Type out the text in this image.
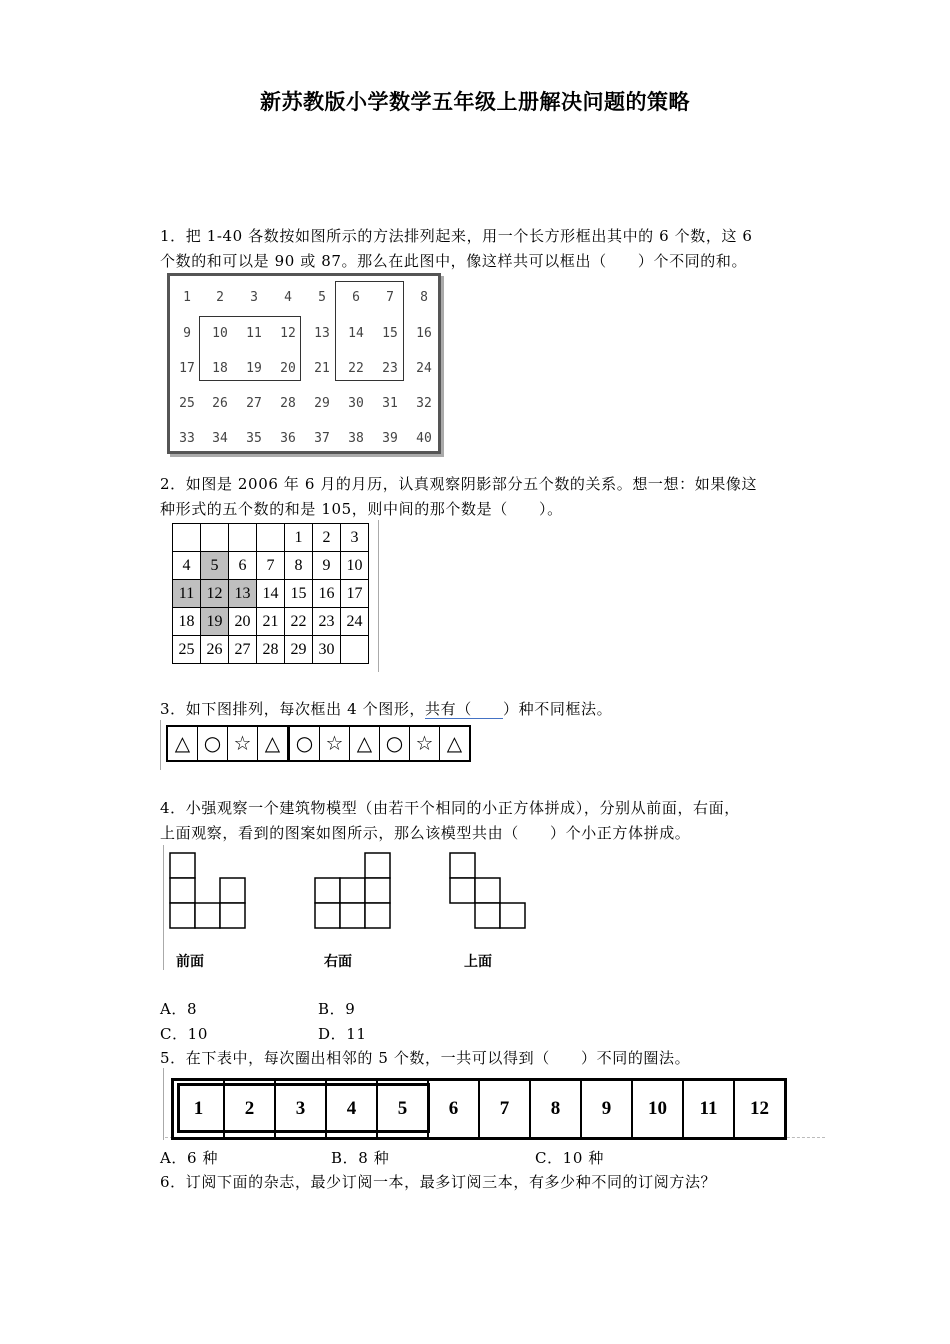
新苏教版小学数学五年级上册解决问题的策略
1．把 1-40 各数按如图所示的方法排列起来，用一个长方形框出其中的 6 个数，这 6
个数的和可以是 90 或 87。那么在此图中，像这样共可以框出（　　）个不同的和。
1	2	3	4	5	6	7	8
9	10	11	12	13	14	15	16
17	18	19	20	21	22	23	24
25	26	27	28	29	30	31	32
33	34	35	36	37	38	39	40
2．如图是 2006 年 6 月的月历，认真观察阴影部分五个数的关系。想一想：如果像这
种形式的五个数的和是 105，则中间的那个数是（　　）。
				1	2	3
4	5	6	7	8	9	10
11	12	13	14	15	16	17
18	19	20	21	22	23	24
25	26	27	28	29	30	
3．如下图排列，每次框出 4 个图形，共有（　　）种不同框法。
△ ○ ☆ △ ○ ☆ △ ○ ☆ △
4．小强观察一个建筑物模型（由若干个相同的小正方体拼成），分别从前面，右面，
上面观察，看到的图案如图所示，那么该模型共由（　　）个小正方体拼成。
前面	右面	上面
A．8	B．9
C．10	D．11
5．在下表中，每次圈出相邻的 5 个数，一共可以得到（　　）不同的圈法。
1	2	3	4	5	6	7	8	9	10	11	12
A．6 种	B．8 种	C．10 种
6．订阅下面的杂志，最少订阅一本，最多订阅三本，有多少种不同的订阅方法？
